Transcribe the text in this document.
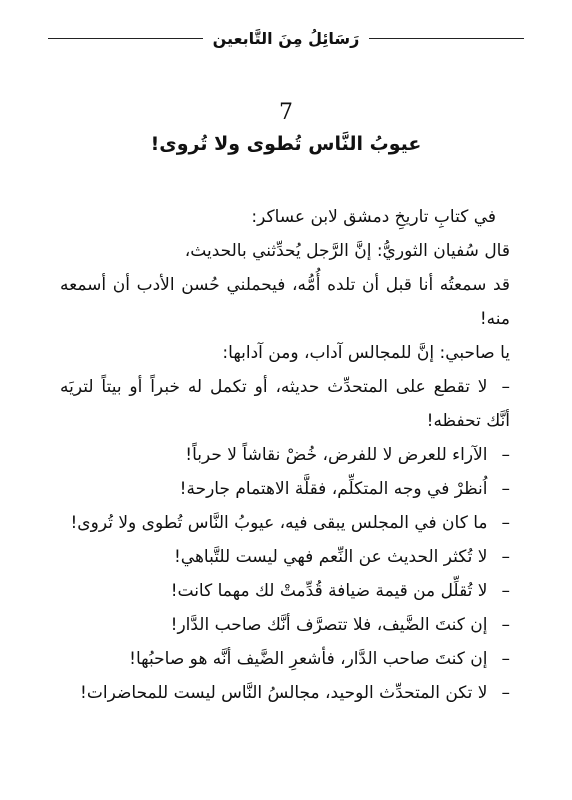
رَسَائِلُ مِنَ التَّابعين
7
عيوبُ النَّاس تُطوى ولا تُروى!

في كتابِ تاريخِ دمشق لابن عساكر:

قال سُفيان الثوريُّ: إنَّ الرَّجل يُحدِّثني بالحديث،

قد سمعتُه أنا قبل أن تلده أُمُّه، فيحملني حُسن الأدب أن أسمعه منه!

يا صاحبي: إنَّ للمجالس آداب، ومن آدابها:

–لا تقطع على المتحدِّث حديثه، أو تكمل له خبراً أو بيتاً لتريَه أنَّك تحفظه!

–الآراء للعرض لا للفرض، خُضْ نقاشاً لا حرباً!

–اُنظرْ في وجه المتكلِّم، فقلَّة الاهتمام جارحة!

–ما كان في المجلس يبقى فيه، عيوبُ النَّاس تُطوى ولا تُروى!

–لا تُكثر الحديث عن النِّعم فهي ليست للتَّباهي!

–لا تُقلِّل من قيمة ضيافة قُدِّمتْ لك مهما كانت!

–إن كنتَ الضَّيف، فلا تتصرَّف أنَّك صاحب الدَّار!

–إن كنتَ صاحب الدَّار، فأشعرِ الضَّيف أنَّه هو صاحبُها!

–لا تكن المتحدِّث الوحيد، مجالسُ النَّاس ليست للمحاضرات!
